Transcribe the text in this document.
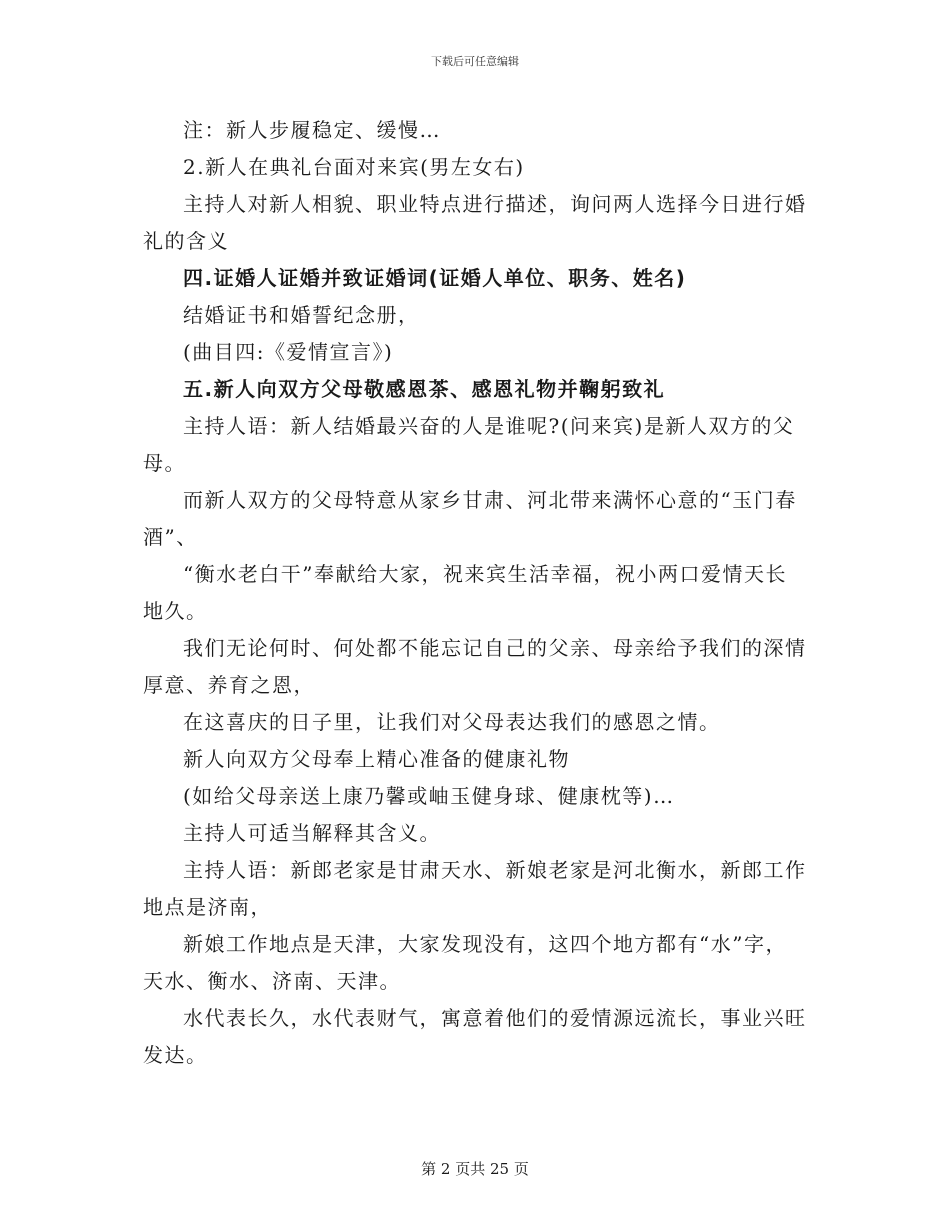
下载后可任意编辑

注：新人步履稳定、缓慢…

2.新人在典礼台面对来宾(男左女右)

主持人对新人相貌、职业特点进行描述，询问两人选择今日进行婚礼的含义

四.证婚人证婚并致证婚词(证婚人单位、职务、姓名)

结婚证书和婚誓纪念册，

(曲目四:《爱情宣言》)

五.新人向双方父母敬感恩茶、感恩礼物并鞠躬致礼

主持人语：新人结婚最兴奋的人是谁呢?(问来宾)是新人双方的父母。

而新人双方的父母特意从家乡甘肃、河北带来满怀心意的“玉门春酒”、

“衡水老白干”奉献给大家，祝来宾生活幸福，祝小两口爱情天长地久。

我们无论何时、何处都不能忘记自己的父亲、母亲给予我们的深情厚意、养育之恩，

在这喜庆的日子里，让我们对父母表达我们的感恩之情。

新人向双方父母奉上精心准备的健康礼物

(如给父母亲送上康乃馨或岫玉健身球、健康枕等)…

主持人可适当解释其含义。

主持人语：新郎老家是甘肃天水、新娘老家是河北衡水，新郎工作地点是济南，

新娘工作地点是天津，大家发现没有，这四个地方都有“水”字，天水、衡水、济南、天津。

水代表长久，水代表财气，寓意着他们的爱情源远流长，事业兴旺发达。

第 2 页共 25 页
